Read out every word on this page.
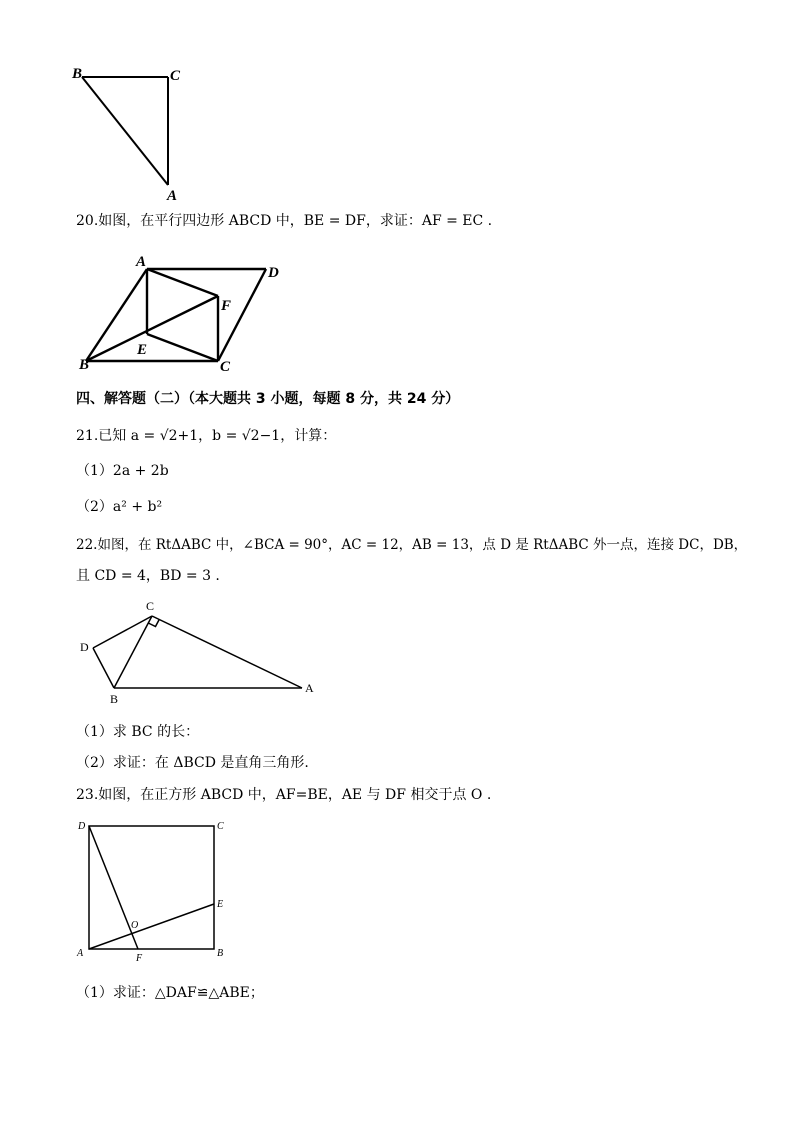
B	C
A
20.如图，在平行四边形 ABCD 中，BE = DF，求证：AF = EC .
A
D
F
B
E
C
四、解答题（二）（本大题共 3 小题，每题 8 分，共 24 分）
21.已知 a = √2+1，b = √2−1，计算：
（1）2a + 2b
（2）a² + b²
22.如图，在 RtΔABC 中，∠BCA = 90°，AC = 12，AB = 13，点 D 是 RtΔABC 外一点，连接 DC，DB，
且 CD = 4，BD = 3 .
C
D
B
A
（1）求 BC 的长：
（2）求证：在 ΔBCD 是直角三角形.
23.如图，在正方形 ABCD 中，AF=BE，AE 与 DF 相交于点 O .
D	C
O
E
A	F	B
（1）求证：△DAF≌△ABE；
